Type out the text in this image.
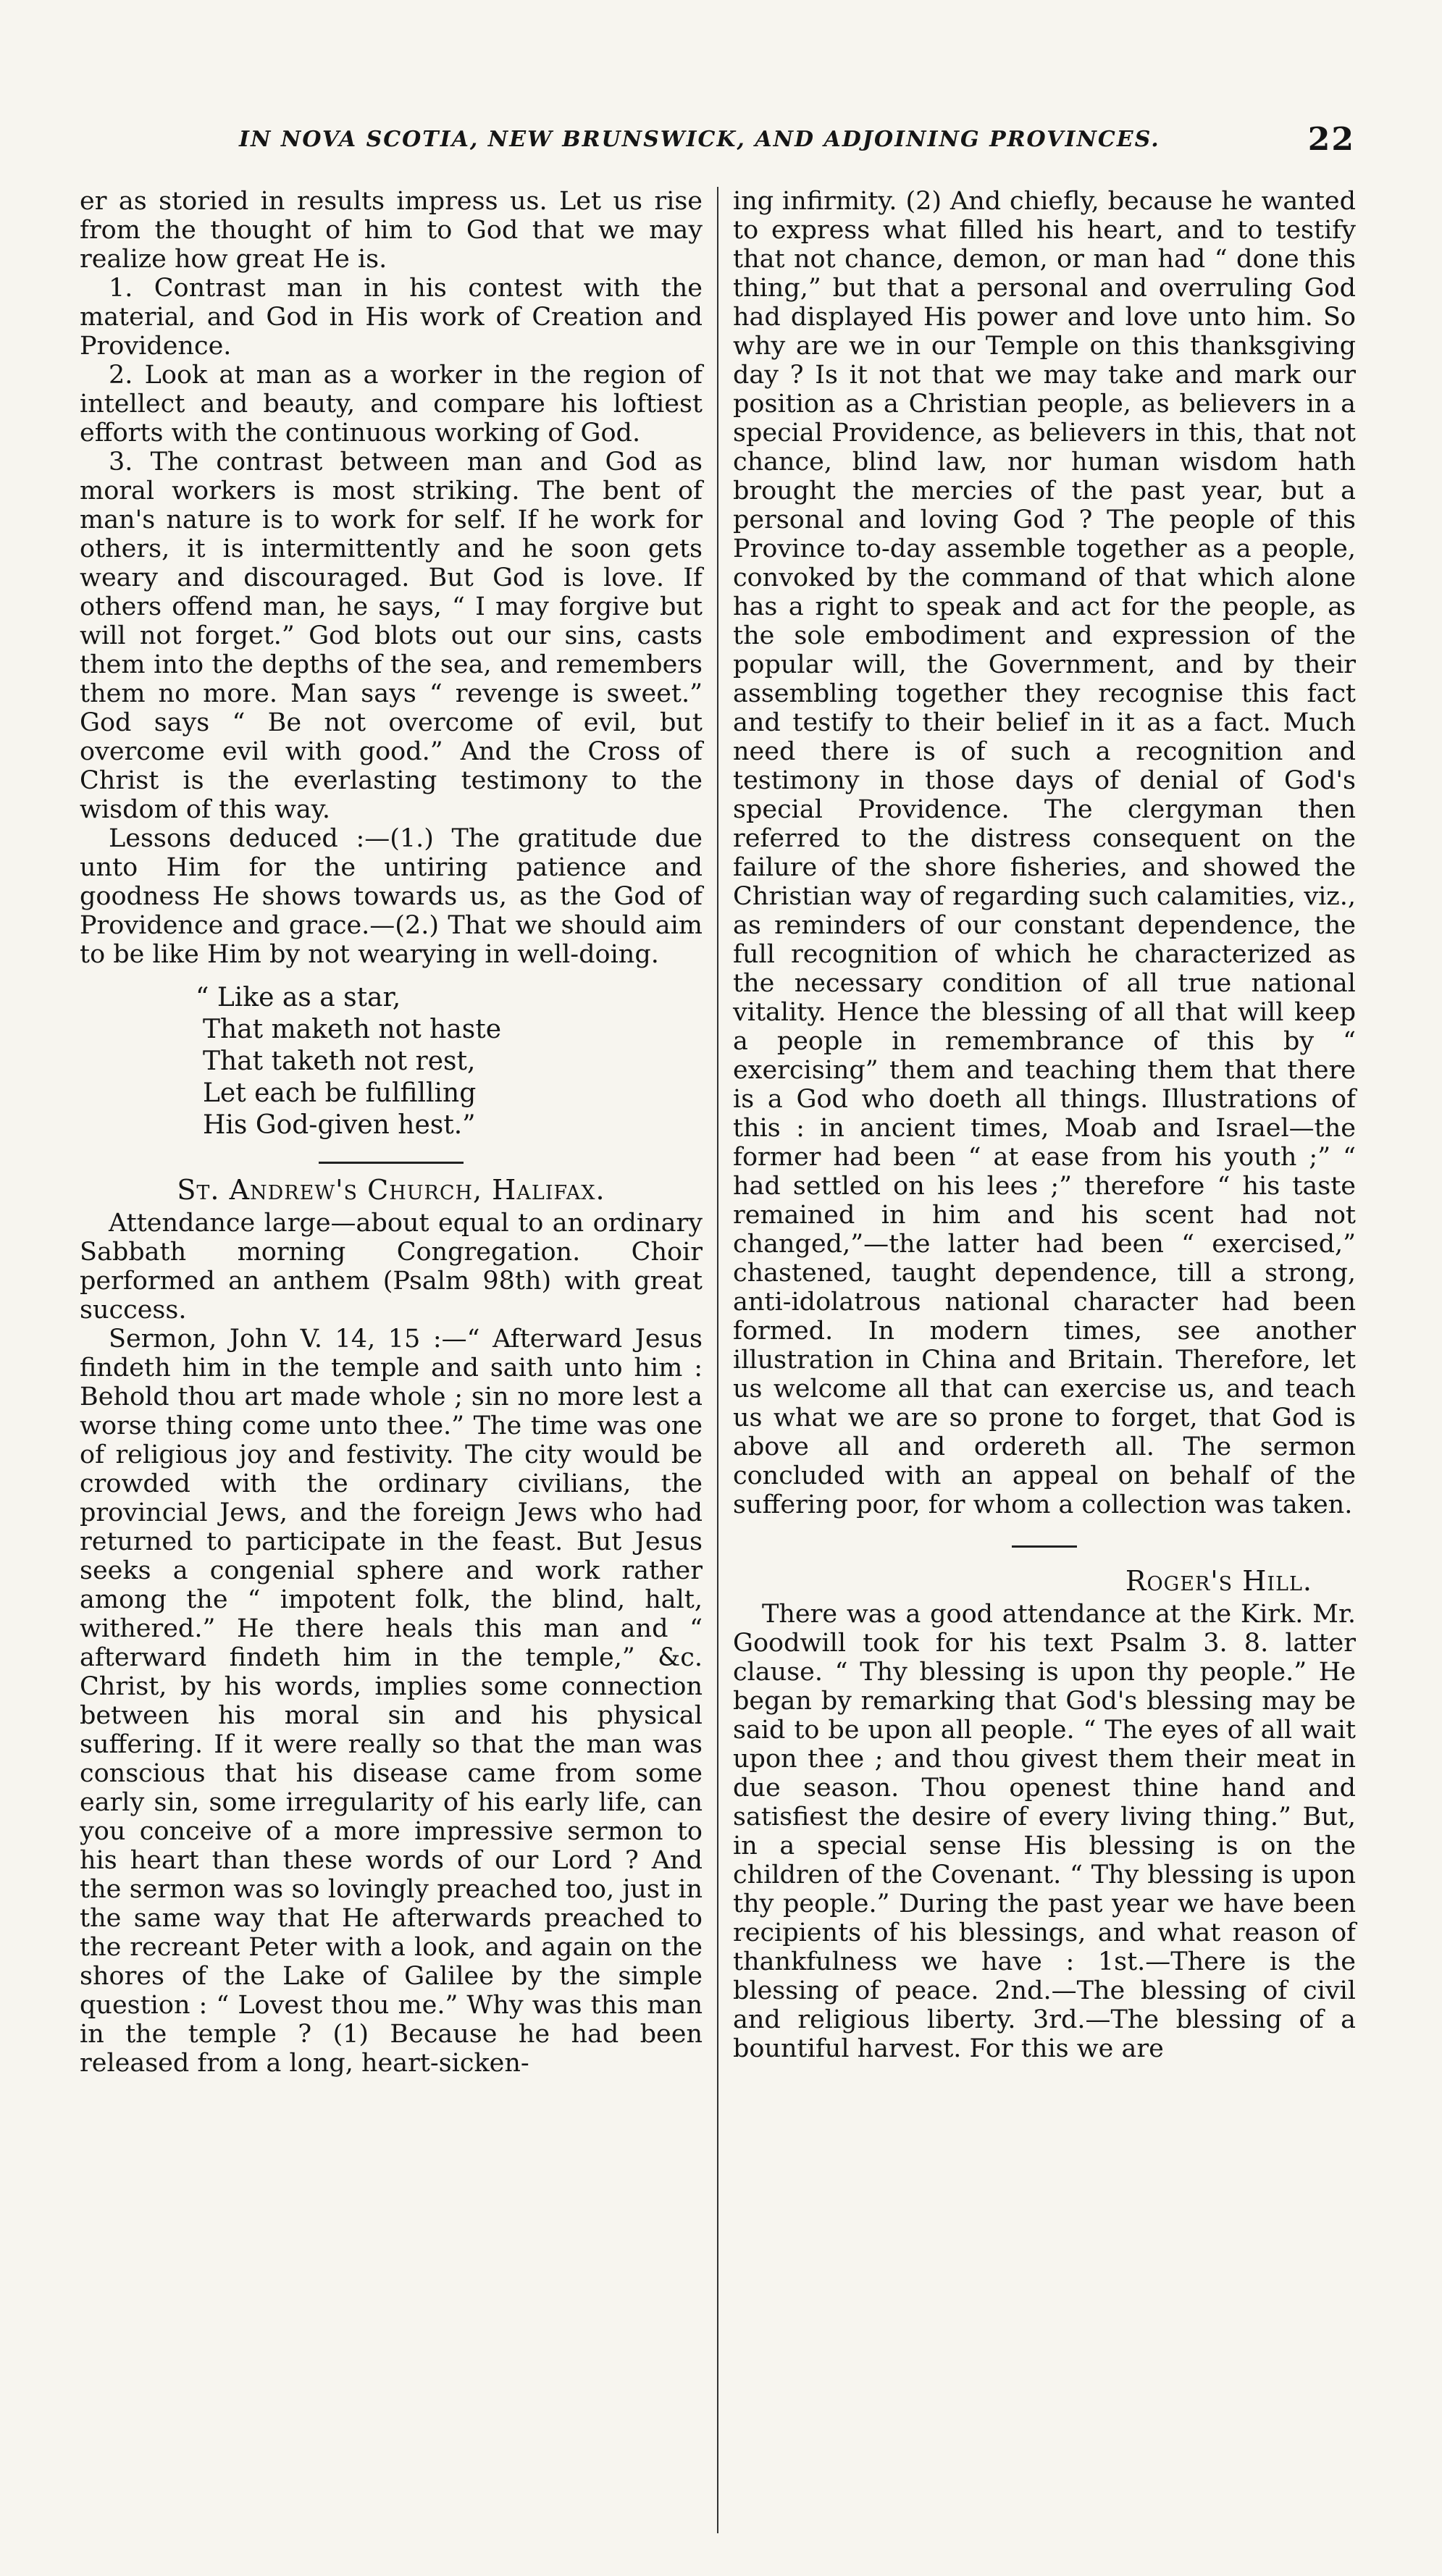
IN NOVA SCOTIA, NEW BRUNSWICK, AND ADJOINING PROVINCES.	22

er as storied in results impress us. Let us rise from the thought of him to God that we may realize how great He is.

1. Contrast man in his contest with the material, and God in His work of Creation and Providence.

2. Look at man as a worker in the region of intellect and beauty, and compare his loftiest efforts with the continuous working of God.

3. The contrast between man and God as moral workers is most striking. The bent of man's nature is to work for self. If he work for others, it is intermittently and he soon gets weary and discouraged. But God is love. If others offend man, he says, “ I may forgive but will not forget.” God blots out our sins, casts them into the depths of the sea, and remembers them no more. Man says “ revenge is sweet.” God says “ Be not overcome of evil, but overcome evil with good.” And the Cross of Christ is the everlasting testimony to the wisdom of this way.

Lessons deduced :—(1.) The gratitude due unto Him for the untiring patience and goodness He shows towards us, as the God of Providence and grace.—(2.) That we should aim to be like Him by not wearying in well-doing.

“ Like as a star,
That maketh not haste
That taketh not rest,
Let each be fulfilling
His God-given hest.”
St. Andrew's Church, Halifax.

Attendance large—about equal to an ordinary Sabbath morning Congregation. Choir performed an anthem (Psalm 98th) with great success.

Sermon, John V. 14, 15 :—“ Afterward Jesus findeth him in the temple and saith unto him : Behold thou art made whole ; sin no more lest a worse thing come unto thee.” The time was one of religious joy and festivity. The city would be crowded with the ordinary civilians, the provincial Jews, and the foreign Jews who had returned to participate in the feast. But Jesus seeks a congenial sphere and work rather among the “ impotent folk, the blind, halt, withered.” He there heals this man and “ afterward findeth him in the temple,” &c. Christ, by his words, implies some connection between his moral sin and his physical suffering. If it were really so that the man was conscious that his disease came from some early sin, some irregularity of his early life, can you conceive of a more impressive sermon to his heart than these words of our Lord ? And the sermon was so lovingly preached too, just in the same way that He afterwards preached to the recreant Peter with a look, and again on the shores of the Lake of Galilee by the simple question : “ Lovest thou me.” Why was this man in the temple ? (1) Because he had been released from a long, heart-sicken-

ing infirmity. (2) And chiefly, because he wanted to express what filled his heart, and to testify that not chance, demon, or man had “ done this thing,” but that a personal and overruling God had displayed His power and love unto him. So why are we in our Temple on this thanksgiving day ? Is it not that we may take and mark our position as a Christian people, as believers in a special Providence, as believers in this, that not chance, blind law, nor human wisdom hath brought the mercies of the past year, but a personal and loving God ? The people of this Province to-day assemble together as a people, convoked by the command of that which alone has a right to speak and act for the people, as the sole embodiment and expression of the popular will, the Government, and by their assembling together they recognise this fact and testify to their belief in it as a fact. Much need there is of such a recognition and testimony in those days of denial of God's special Providence. The clergyman then referred to the distress consequent on the failure of the shore fisheries, and showed the Christian way of regarding such calamities, viz., as reminders of our constant dependence, the full recognition of which he characterized as the necessary condition of all true national vitality. Hence the blessing of all that will keep a people in remembrance of this by “ exercising” them and teaching them that there is a God who doeth all things. Illustrations of this : in ancient times, Moab and Israel—the former had been “ at ease from his youth ;” “ had settled on his lees ;” therefore “ his taste remained in him and his scent had not changed,”—the latter had been “ exercised,” chastened, taught dependence, till a strong, anti-idolatrous national character had been formed. In modern times, see another illustration in China and Britain. Therefore, let us welcome all that can exercise us, and teach us what we are so prone to forget, that God is above all and ordereth all. The sermon concluded with an appeal on behalf of the suffering poor, for whom a collection was taken.

Roger's Hill.

There was a good attendance at the Kirk. Mr. Goodwill took for his text Psalm 3. 8. latter clause. “ Thy blessing is upon thy people.” He began by remarking that God's blessing may be said to be upon all people. “ The eyes of all wait upon thee ; and thou givest them their meat in due season. Thou openest thine hand and satisfiest the desire of every living thing.” But, in a special sense His blessing is on the children of the Covenant. “ Thy blessing is upon thy people.” During the past year we have been recipients of his blessings, and what reason of thankfulness we have : 1st.—There is the blessing of peace. 2nd.—The blessing of civil and religious liberty. 3rd.—The blessing of a bountiful harvest. For this we are
